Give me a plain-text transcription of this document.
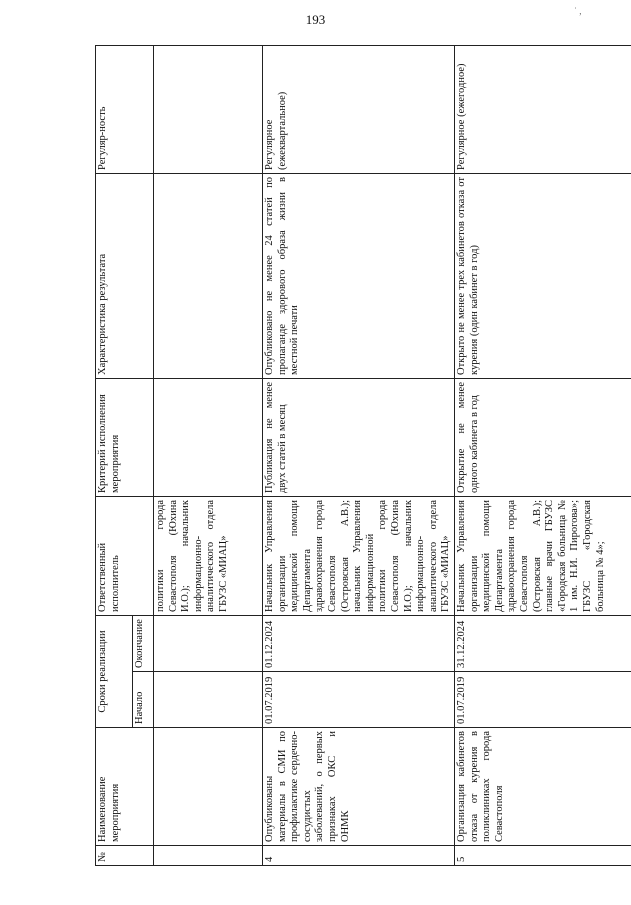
193
˙ ,
№	Наименование мероприятия	Сроки реализации		Ответственный исполнитель	Критерий исполнения мероприятия	Характеристика результата	Регуляр-ность
		Начало	Окончание				
				политики города Севастополя (Юхина И.О.); начальник информационно-аналитического отдела ГБУЗС «МИАЦ»			
4	Опубликованы материалы в СМИ по профилактике сердечно-сосудистых заболеваний, о первых признаках ОКС и ОНМК	01.07.2019	01.12.2024	Начальник Управления организации медицинской помощи Департамента здравоохранения города Севастополя (Островская А.В.); начальник Управления информационной политики города Севастополя (Юхина И.О.); начальник информационно-аналитического отдела ГБУЗС «МИАЦ»	Публикация не менее двух статей в месяц	Опубликовано не менее 24 статей по пропаганде здорового образа жизни в местной печати	Регулярное (ежеквартальное)
5	Организация кабинетов отказа от курения в поликлиниках города Севастополя	01.07.2019	31.12.2024	Начальник Управления организации медицинской помощи Департамента здравоохранения города Севастополя (Островская А.В.); главные врачи ГБУЗС «Городская больница № 1 им. Н.И. Пирогова»; ГБУЗС «Городская больница № 4»;	Открытие не менее одного кабинета в год	Открыто не менее трех кабинетов отказа от курения (один кабинет в год)	Регулярное (ежегодное)
